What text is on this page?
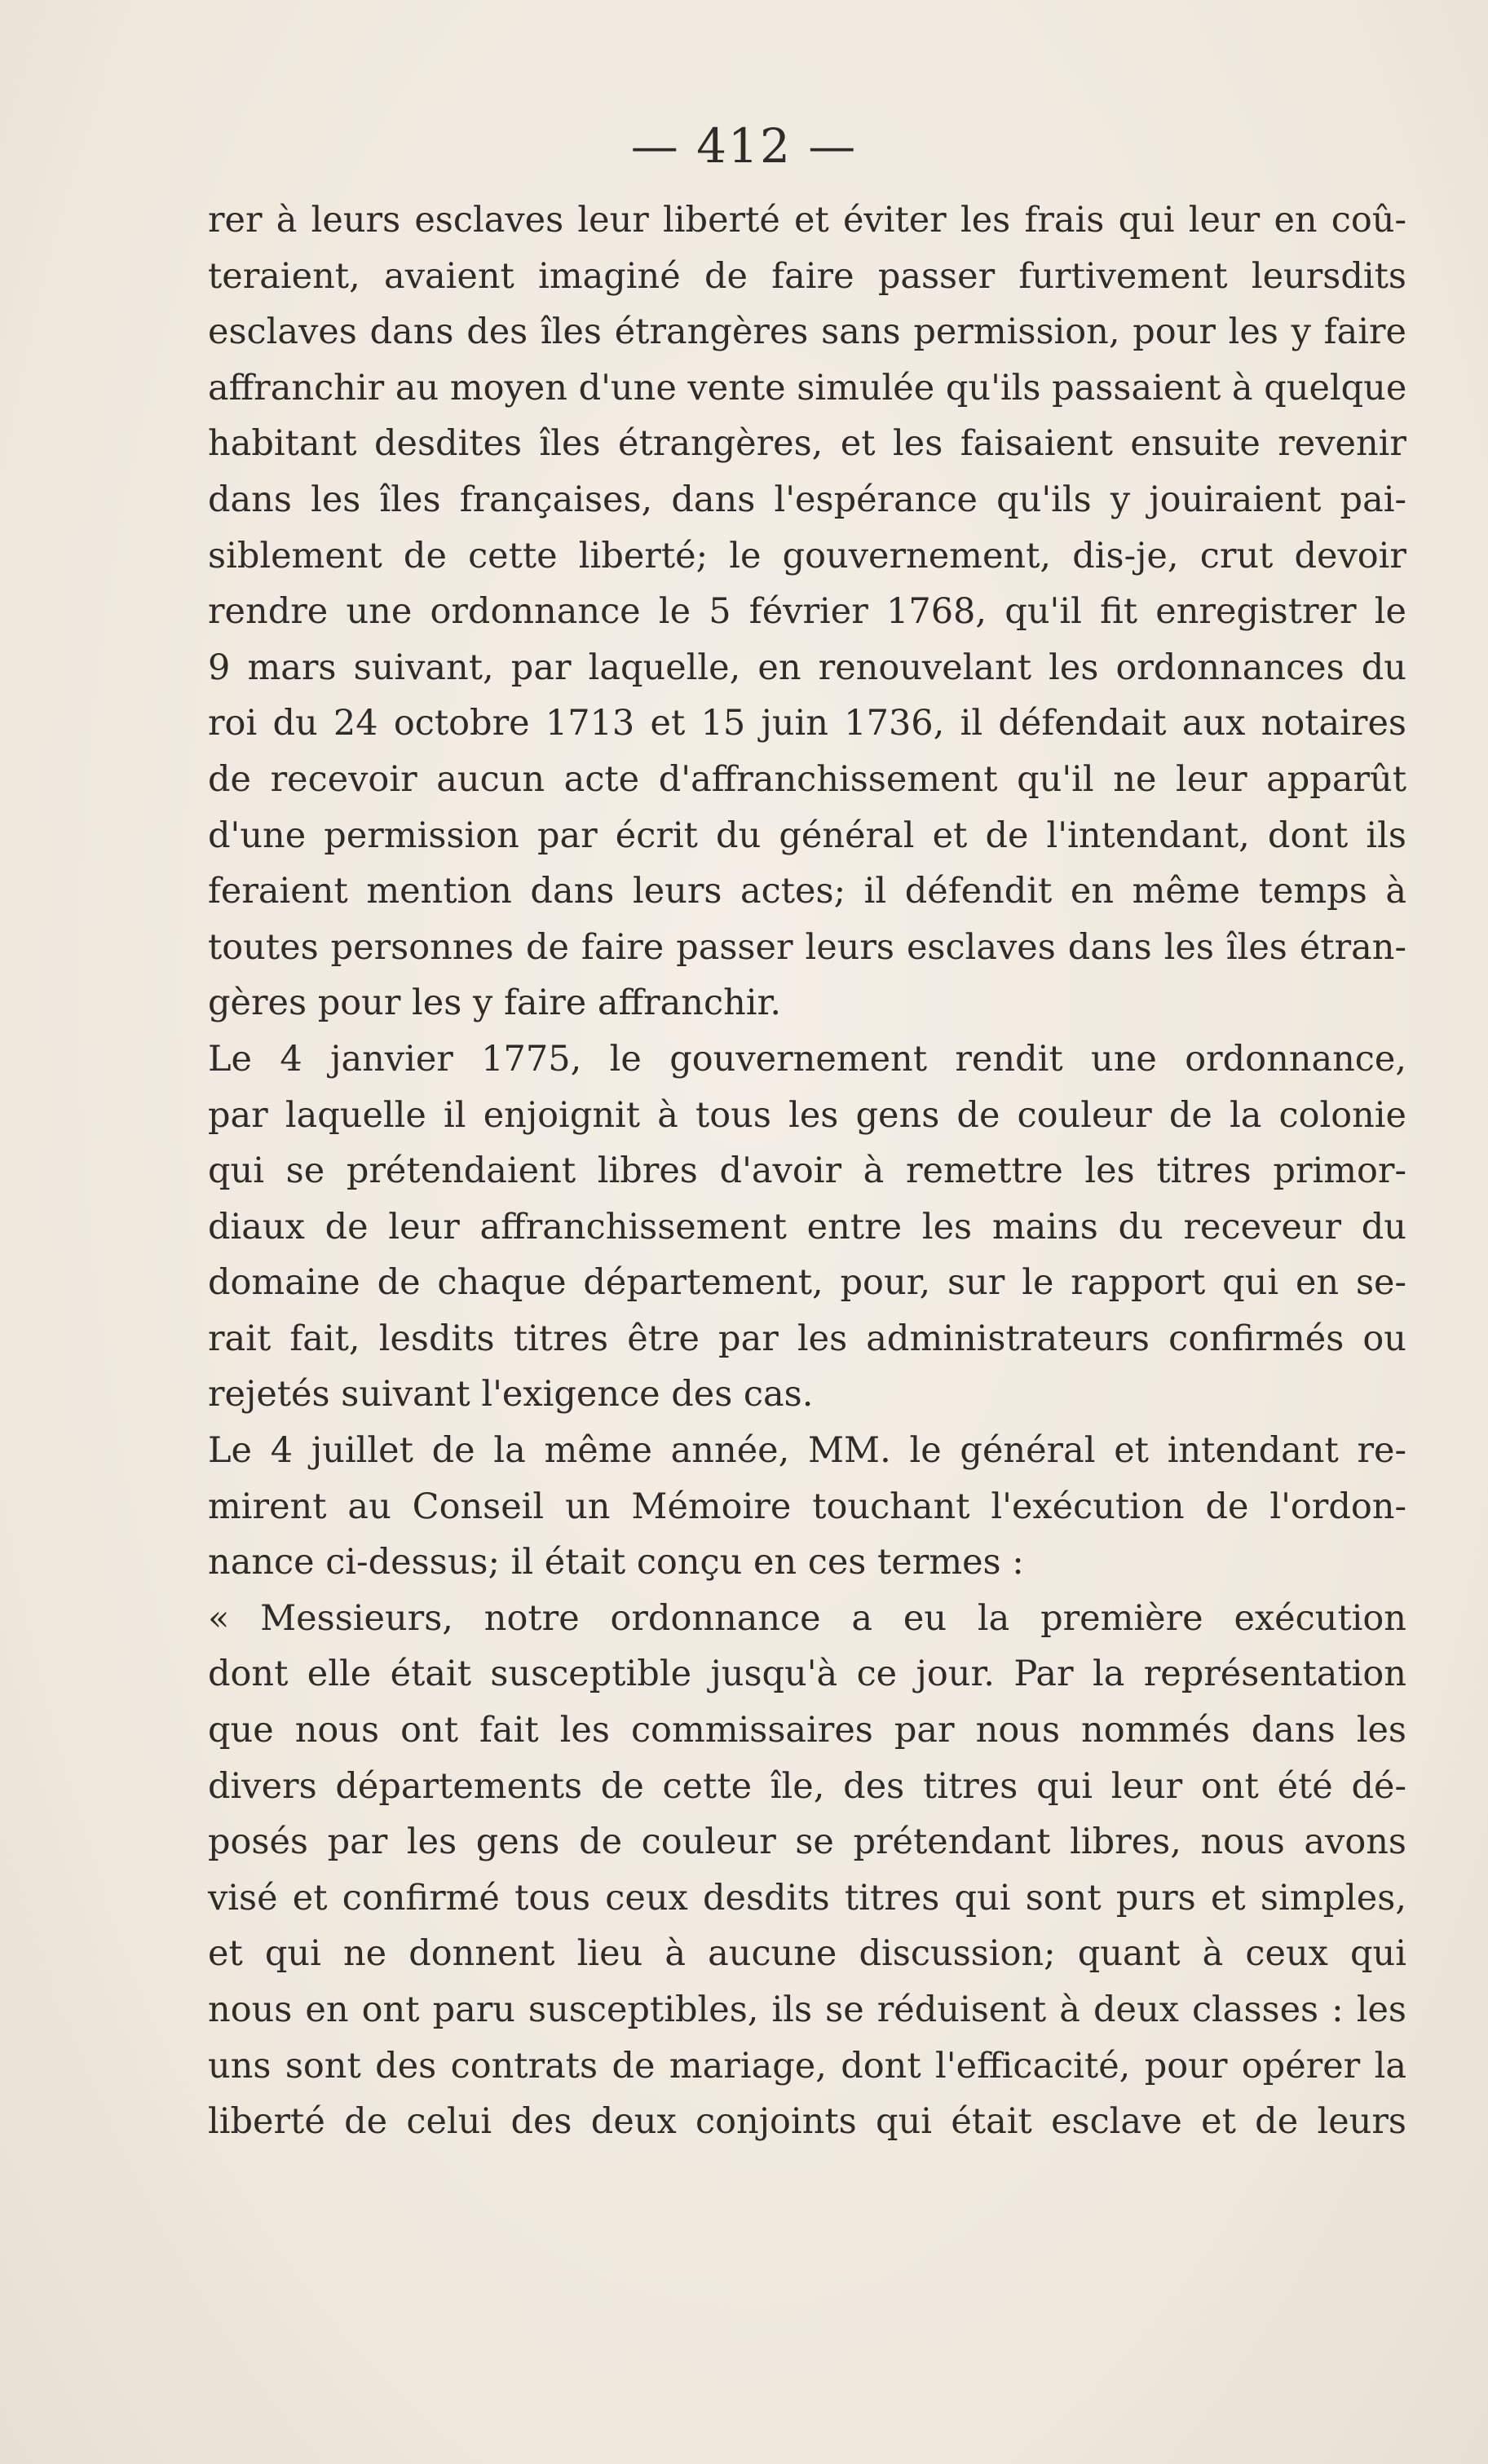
— 412 —
rer à leurs esclaves leur liberté et éviter les frais qui leur en coû-
teraient, avaient imaginé de faire passer furtivement leursdits
esclaves dans des îles étrangères sans permission, pour les y faire
affranchir au moyen d'une vente simulée qu'ils passaient à quelque
habitant desdites îles étrangères, et les faisaient ensuite revenir
dans les îles françaises, dans l'espérance qu'ils y jouiraient pai-
siblement de cette liberté; le gouvernement, dis-je, crut devoir
rendre une ordonnance le 5 février 1768, qu'il fit enregistrer le
9 mars suivant, par laquelle, en renouvelant les ordonnances du
roi du 24 octobre 1713 et 15 juin 1736, il défendait aux notaires
de recevoir aucun acte d'affranchissement qu'il ne leur apparût
d'une permission par écrit du général et de l'intendant, dont ils
feraient mention dans leurs actes; il défendit en même temps à
toutes personnes de faire passer leurs esclaves dans les îles étran-
gères pour les y faire affranchir.
Le 4 janvier 1775, le gouvernement rendit une ordonnance,
par laquelle il enjoignit à tous les gens de couleur de la colonie
qui se prétendaient libres d'avoir à remettre les titres primor-
diaux de leur affranchissement entre les mains du receveur du
domaine de chaque département, pour, sur le rapport qui en se-
rait fait, lesdits titres être par les administrateurs confirmés ou
rejetés suivant l'exigence des cas.
Le 4 juillet de la même année, MM. le général et intendant re-
mirent au Conseil un Mémoire touchant l'exécution de l'ordon-
nance ci-dessus; il était conçu en ces termes :
« Messieurs, notre ordonnance a eu la première exécution
dont elle était susceptible jusqu'à ce jour. Par la représentation
que nous ont fait les commissaires par nous nommés dans les
divers départements de cette île, des titres qui leur ont été dé-
posés par les gens de couleur se prétendant libres, nous avons
visé et confirmé tous ceux desdits titres qui sont purs et simples,
et qui ne donnent lieu à aucune discussion; quant à ceux qui
nous en ont paru susceptibles, ils se réduisent à deux classes : les
uns sont des contrats de mariage, dont l'efficacité, pour opérer la
liberté de celui des deux conjoints qui était esclave et de leurs
